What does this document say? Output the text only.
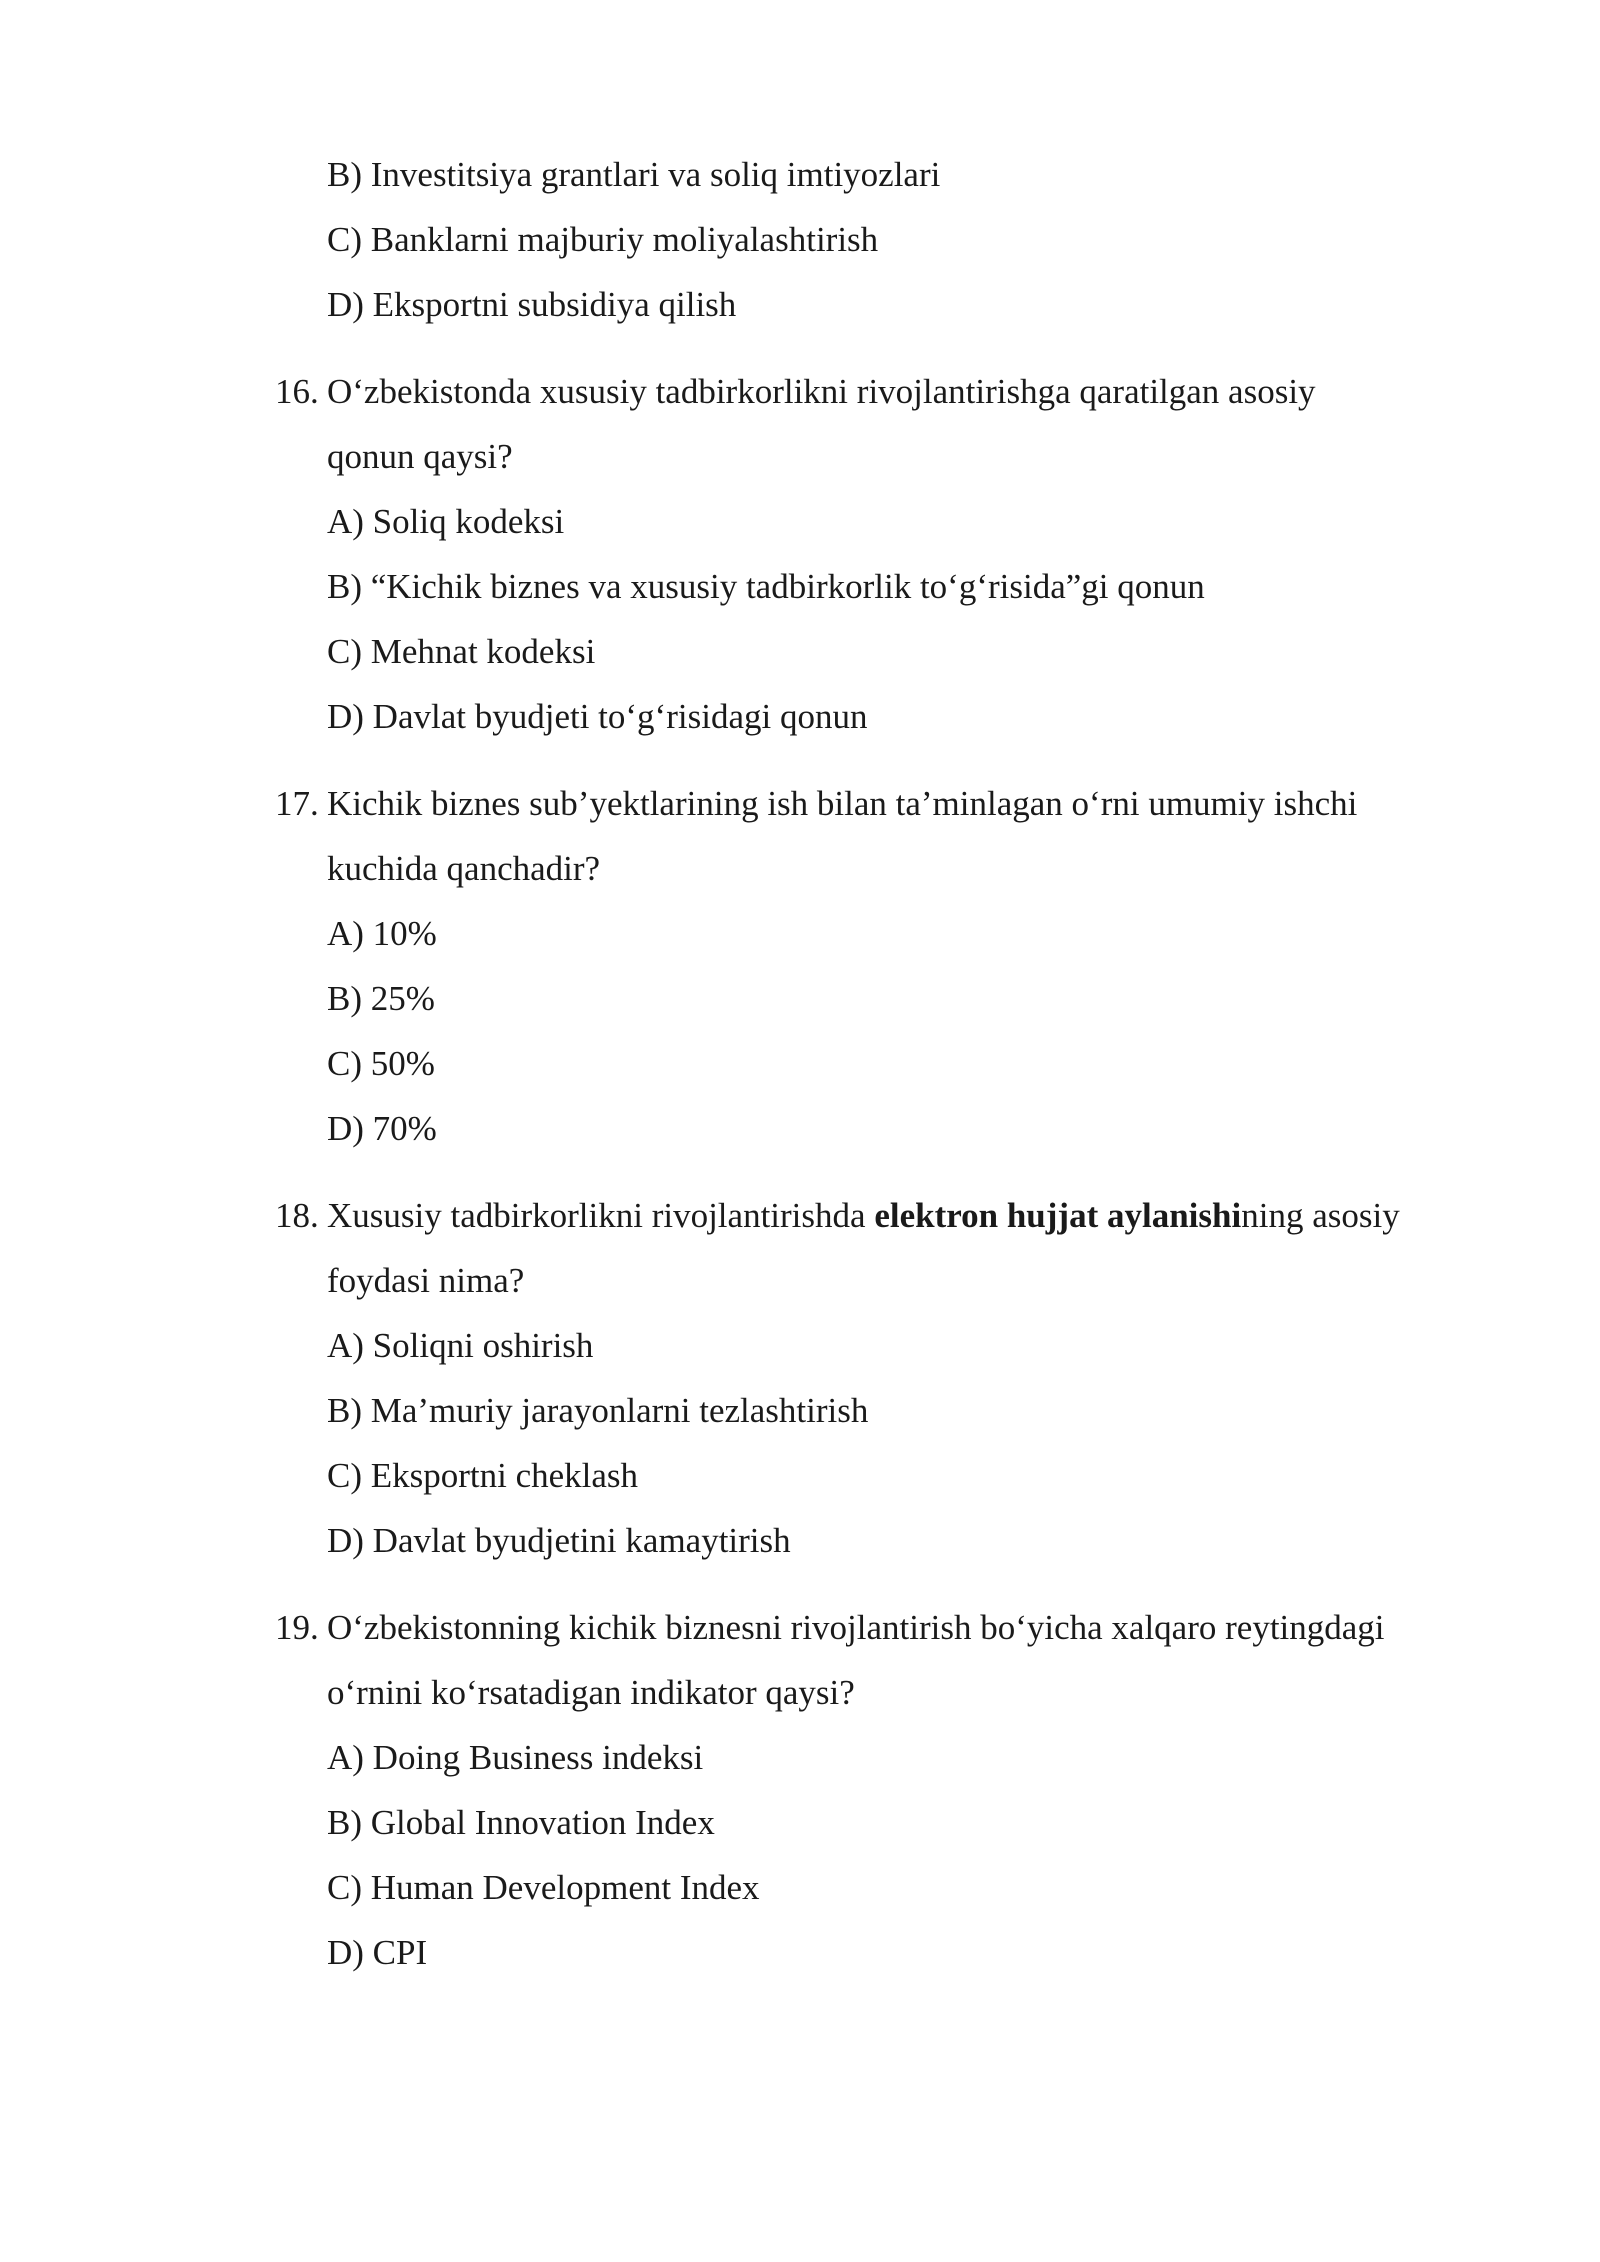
B) Investitsiya grantlari va soliq imtiyozlari
C) Banklarni majburiy moliyalashtirish
D) Eksportni subsidiya qilish
16. O‘zbekistonda xususiy tadbirkorlikni rivojlantirishga qaratilgan asosiy
qonun qaysi?
A) Soliq kodeksi
B) “Kichik biznes va xususiy tadbirkorlik to‘g‘risida”gi qonun
C) Mehnat kodeksi
D) Davlat byudjeti to‘g‘risidagi qonun
17. Kichik biznes sub’yektlarining ish bilan ta’minlagan o‘rni umumiy ishchi
kuchida qanchadir?
A) 10%
B) 25%
C) 50%
D) 70%
18. Xususiy tadbirkorlikni rivojlantirishda elektron hujjat aylanishining asosiy
foydasi nima?
A) Soliqni oshirish
B) Ma’muriy jarayonlarni tezlashtirish
C) Eksportni cheklash
D) Davlat byudjetini kamaytirish
19. O‘zbekistonning kichik biznesni rivojlantirish bo‘yicha xalqaro reytingdagi
o‘rnini ko‘rsatadigan indikator qaysi?
A) Doing Business indeksi
B) Global Innovation Index
C) Human Development Index
D) CPI
